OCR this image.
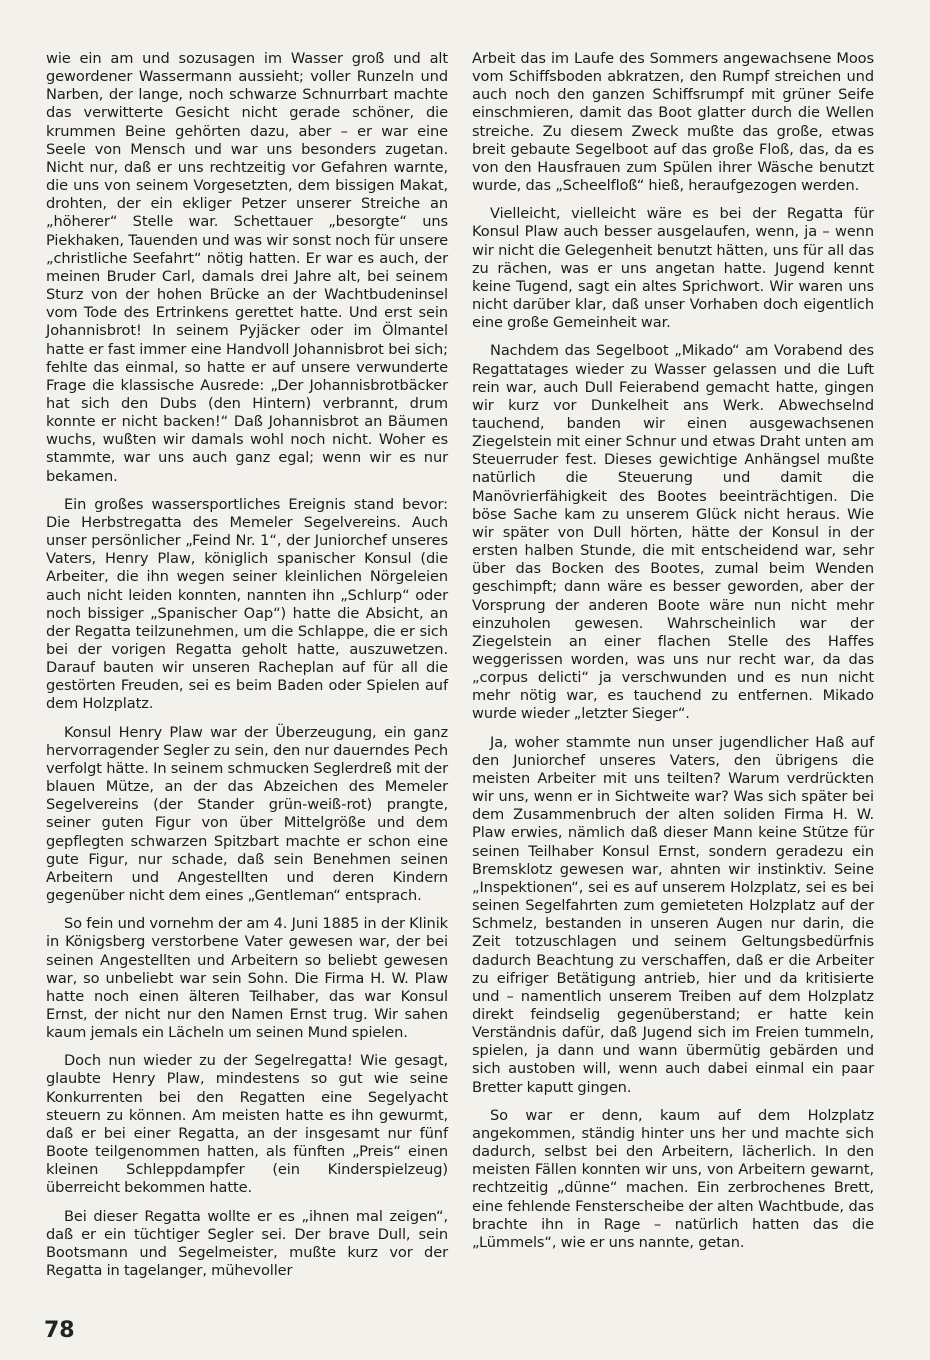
wie ein am und sozusagen im Wasser groß und alt gewordener Wassermann aussieht; voller Runzeln und Narben, der lange, noch schwarze Schnurrbart machte das verwitterte Gesicht nicht gerade schöner, die krummen Beine gehörten dazu, aber – er war eine Seele von Mensch und war uns besonders zugetan. Nicht nur, daß er uns rechtzeitig vor Gefahren warnte, die uns von seinem Vorgesetzten, dem bissigen Makat, drohten, der ein ekliger Petzer unserer Streiche an „höherer“ Stelle war. Schettauer „besorgte“ uns Piekhaken, Tauenden und was wir sonst noch für unsere „christliche Seefahrt“ nötig hatten. Er war es auch, der meinen Bruder Carl, damals drei Jahre alt, bei seinem Sturz von der hohen Brücke an der Wachtbudeninsel vom Tode des Ertrinkens gerettet hatte. Und erst sein Johannisbrot! In seinem Pyjäcker oder im Ölmantel hatte er fast immer eine Handvoll Johannisbrot bei sich; fehlte das einmal, so hatte er auf unsere verwunderte Frage die klassische Ausrede: „Der Johannisbrotbäcker hat sich den Dubs (den Hintern) verbrannt, drum konnte er nicht backen!“ Daß Johannisbrot an Bäumen wuchs, wußten wir damals wohl noch nicht. Woher es stammte, war uns auch ganz egal; wenn wir es nur bekamen.

Ein großes wassersportliches Ereignis stand bevor: Die Herbstregatta des Memeler Segelvereins. Auch unser persönlicher „Feind Nr. 1“, der Juniorchef unseres Vaters, Henry Plaw, königlich spanischer Konsul (die Arbeiter, die ihn wegen seiner kleinlichen Nörgeleien auch nicht leiden konnten, nannten ihn „Schlurp“ oder noch bissiger „Spanischer Oap“) hatte die Absicht, an der Regatta teilzunehmen, um die Schlappe, die er sich bei der vorigen Regatta geholt hatte, auszuwetzen. Darauf bauten wir unseren Racheplan auf für all die gestörten Freuden, sei es beim Baden oder Spielen auf dem Holzplatz.

Konsul Henry Plaw war der Überzeugung, ein ganz hervorragender Segler zu sein, den nur dauerndes Pech verfolgt hätte. In seinem schmucken Seglerdreß mit der blauen Mütze, an der das Abzeichen des Memeler Segelvereins (der Stander grün-weiß-rot) prangte, seiner guten Figur von über Mittelgröße und dem gepflegten schwarzen Spitzbart machte er schon eine gute Figur, nur schade, daß sein Benehmen seinen Arbeitern und Angestellten und deren Kindern gegenüber nicht dem eines „Gentleman“ entsprach.

So fein und vornehm der am 4. Juni 1885 in der Klinik in Königsberg verstorbene Vater gewesen war, der bei seinen Angestellten und Arbeitern so beliebt gewesen war, so unbeliebt war sein Sohn. Die Firma H. W. Plaw hatte noch einen älteren Teilhaber, das war Konsul Ernst, der nicht nur den Namen Ernst trug. Wir sahen kaum jemals ein Lächeln um seinen Mund spielen.

Doch nun wieder zu der Segelregatta! Wie gesagt, glaubte Henry Plaw, mindestens so gut wie seine Konkurrenten bei den Regatten eine Segelyacht steuern zu können. Am meisten hatte es ihn gewurmt, daß er bei einer Regatta, an der insgesamt nur fünf Boote teilgenommen hatten, als fünften „Preis“ einen kleinen Schleppdampfer (ein Kinderspielzeug) überreicht bekommen hatte.

Bei dieser Regatta wollte er es „ihnen mal zeigen“, daß er ein tüchtiger Segler sei. Der brave Dull, sein Bootsmann und Segelmeister, mußte kurz vor der Regatta in tagelanger, mühevoller

Arbeit das im Laufe des Sommers angewachsene Moos vom Schiffsboden abkratzen, den Rumpf streichen und auch noch den ganzen Schiffsrumpf mit grüner Seife einschmieren, damit das Boot glatter durch die Wellen streiche. Zu diesem Zweck mußte das große, etwas breit gebaute Segelboot auf das große Floß, das, da es von den Hausfrauen zum Spülen ihrer Wäsche benutzt wurde, das „Scheelfloß“ hieß, heraufgezogen werden.

Vielleicht, vielleicht wäre es bei der Regatta für Konsul Plaw auch besser ausgelaufen, wenn, ja – wenn wir nicht die Gelegenheit benutzt hätten, uns für all das zu rächen, was er uns angetan hatte. Jugend kennt keine Tugend, sagt ein altes Sprichwort. Wir waren uns nicht darüber klar, daß unser Vorhaben doch eigentlich eine große Gemeinheit war.

Nachdem das Segelboot „Mikado“ am Vorabend des Regattatages wieder zu Wasser gelassen und die Luft rein war, auch Dull Feierabend gemacht hatte, gingen wir kurz vor Dunkelheit ans Werk. Abwechselnd tauchend, banden wir einen ausgewachsenen Ziegelstein mit einer Schnur und etwas Draht unten am Steuerruder fest. Dieses gewichtige Anhängsel mußte natürlich die Steuerung und damit die Manövrierfähigkeit des Bootes beeinträchtigen. Die böse Sache kam zu unserem Glück nicht heraus. Wie wir später von Dull hörten, hätte der Konsul in der ersten halben Stunde, die mit entscheidend war, sehr über das Bocken des Bootes, zumal beim Wenden geschimpft; dann wäre es besser geworden, aber der Vorsprung der anderen Boote wäre nun nicht mehr einzuholen gewesen. Wahrscheinlich war der Ziegelstein an einer flachen Stelle des Haffes weggerissen worden, was uns nur recht war, da das „corpus delicti“ ja verschwunden und es nun nicht mehr nötig war, es tauchend zu entfernen. Mikado wurde wieder „letzter Sieger“.

Ja, woher stammte nun unser jugendlicher Haß auf den Juniorchef unseres Vaters, den übrigens die meisten Arbeiter mit uns teilten? Warum verdrückten wir uns, wenn er in Sichtweite war? Was sich später bei dem Zusammenbruch der alten soliden Firma H. W. Plaw erwies, nämlich daß dieser Mann keine Stütze für seinen Teilhaber Konsul Ernst, sondern geradezu ein Bremsklotz gewesen war, ahnten wir instinktiv. Seine „Inspektionen“, sei es auf unserem Holzplatz, sei es bei seinen Segelfahrten zum gemieteten Holzplatz auf der Schmelz, bestanden in unseren Augen nur darin, die Zeit totzuschlagen und seinem Geltungsbedürfnis dadurch Beachtung zu verschaffen, daß er die Arbeiter zu eifriger Betätigung antrieb, hier und da kritisierte und – namentlich unserem Treiben auf dem Holzplatz direkt feindselig gegenüberstand; er hatte kein Verständnis dafür, daß Jugend sich im Freien tummeln, spielen, ja dann und wann übermütig gebärden und sich austoben will, wenn auch dabei einmal ein paar Bretter kaputt gingen.

So war er denn, kaum auf dem Holzplatz angekommen, ständig hinter uns her und machte sich dadurch, selbst bei den Arbeitern, lächerlich. In den meisten Fällen konnten wir uns, von Arbeitern gewarnt, rechtzeitig „dünne“ machen. Ein zerbrochenes Brett, eine fehlende Fensterscheibe der alten Wachtbude, das brachte ihn in Rage – natürlich hatten das die „Lümmels“, wie er uns nannte, getan.

78
